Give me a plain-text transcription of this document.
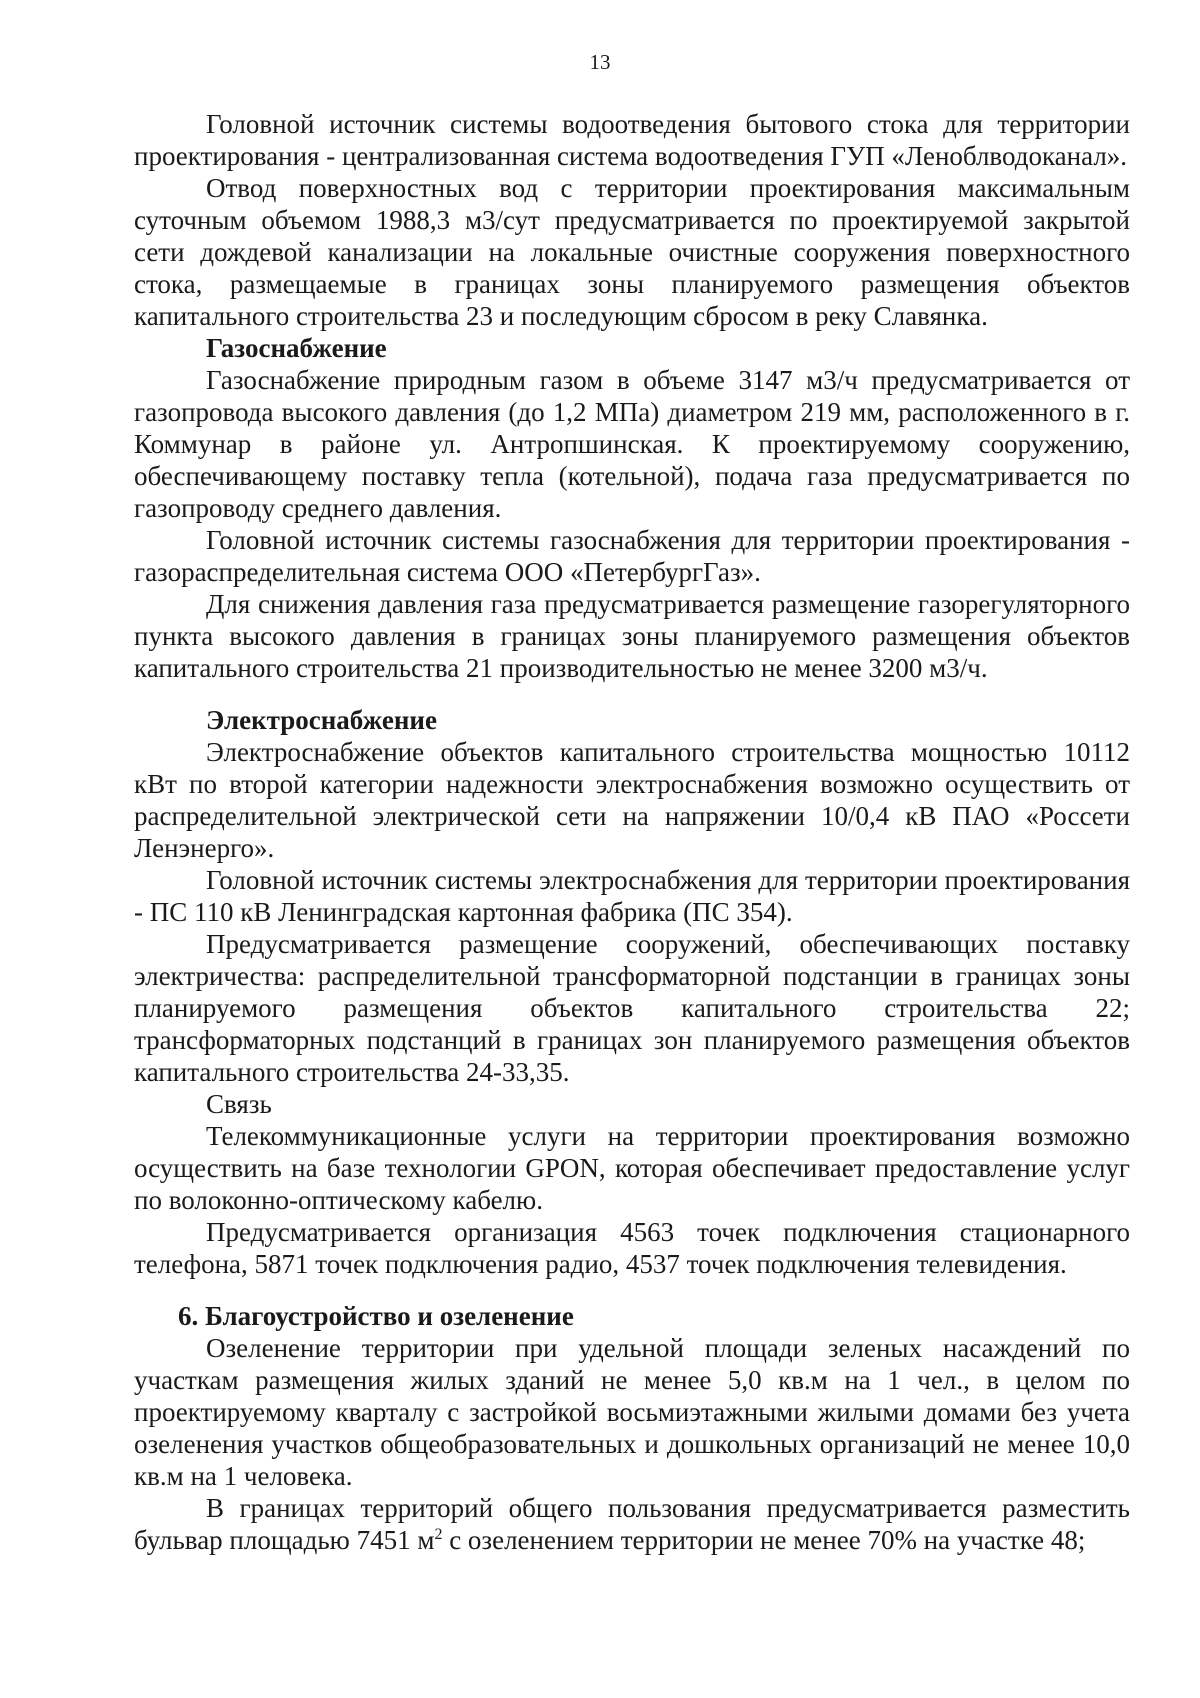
13

Головной источник системы водоотведения бытового стока для территории проектирования - централизованная система водоотведения ГУП «Леноблводоканал».

Отвод поверхностных вод с территории проектирования максимальным суточным объемом 1988,3 м3/сут предусматривается по проектируемой закрытой сети дождевой канализации на локальные очистные сооружения поверхностного стока, размещаемые в границах зоны планируемого размещения объектов капитального строительства 23 и последующим сбросом в реку Славянка.

Газоснабжение

Газоснабжение природным газом в объеме 3147 м3/ч предусматривается от газопровода высокого давления (до 1,2 МПа) диаметром 219 мм, расположенного в г. Коммунар в районе ул. Антропшинская. К проектируемому сооружению, обеспечивающему поставку тепла (котельной), подача газа предусматривается по газопроводу среднего давления.

Головной источник системы газоснабжения для территории проектирования - газораспределительная система ООО «ПетербургГаз».

Для снижения давления газа предусматривается размещение газорегуляторного пункта высокого давления в границах зоны планируемого размещения объектов капитального строительства 21 производительностью не менее 3200 м3/ч.

Электроснабжение

Электроснабжение объектов капитального строительства мощностью 10112 кВт по второй категории надежности электроснабжения возможно осуществить от распределительной электрической сети на напряжении 10/0,4 кВ ПАО «Россети Ленэнерго».

Головной источник системы электроснабжения для территории проектирования - ПС 110 кВ Ленинградская картонная фабрика (ПС 354).

Предусматривается размещение сооружений, обеспечивающих поставку электричества: распределительной трансформаторной подстанции в границах зоны планируемого размещения объектов капитального строительства 22; трансформаторных подстанций в границах зон планируемого размещения объектов капитального строительства 24-33,35.

Связь

Телекоммуникационные услуги на территории проектирования возможно осуществить на базе технологии GPON, которая обеспечивает предоставление услуг по волоконно-оптическому кабелю.

Предусматривается организация 4563 точек подключения стационарного телефона, 5871 точек подключения радио, 4537 точек подключения телевидения.

6. Благоустройство и озеленение

Озеленение территории при удельной площади зеленых насаждений по участкам размещения жилых зданий не менее 5,0 кв.м на 1 чел., в целом по проектируемому кварталу с застройкой восьмиэтажными жилыми домами без учета озеленения участков общеобразовательных и дошкольных организаций не менее 10,0 кв.м на 1 человека.

В границах территорий общего пользования предусматривается разместить бульвар площадью 7451 $м^2$ с озеленением территории не менее 70% на участке 48;
